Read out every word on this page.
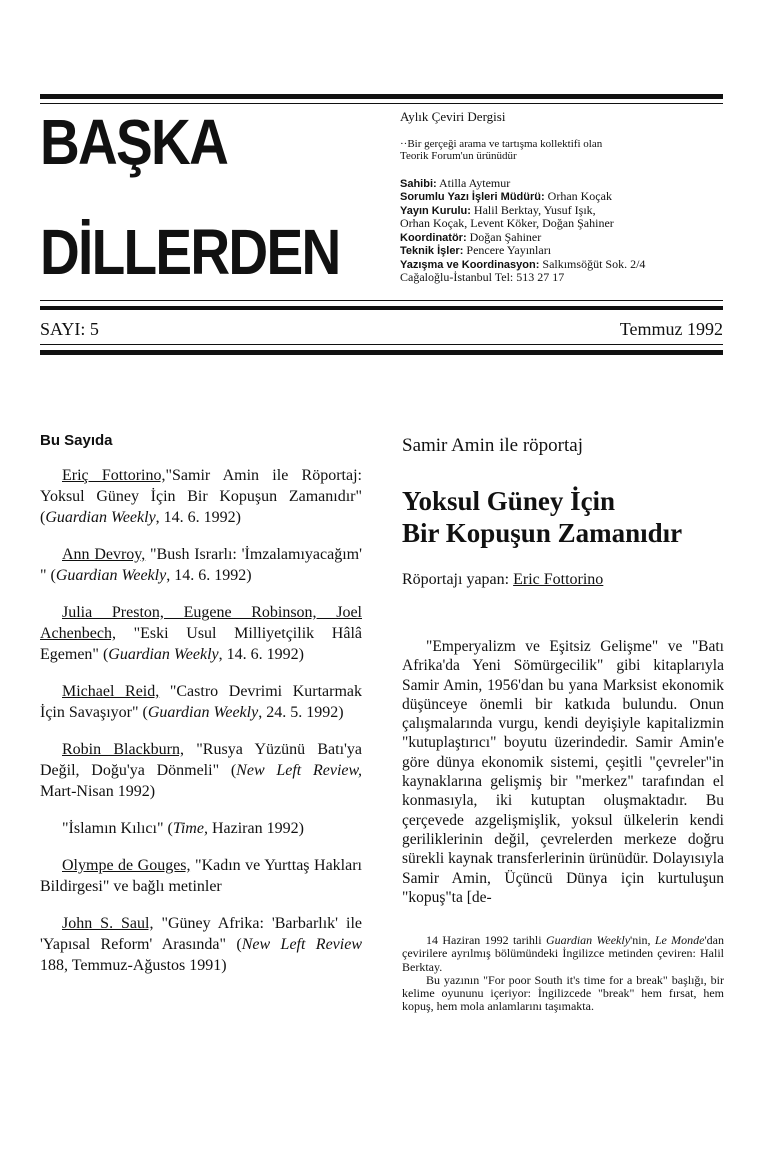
BAŞKA
DİLLERDEN
Aylık Çeviri Dergisi
··Bir gerçeği arama ve tartışma kollektifi olan
Teorik Forum'un ürünüdür
Sahibi: Atilla Aytemur
Sorumlu Yazı İşleri Müdürü: Orhan Koçak
Yayın Kurulu: Halil Berktay, Yusuf Işık,
Orhan Koçak, Levent Köker, Doğan Şahiner
Koordinatör: Doğan Şahiner
Teknik İşler: Pencere Yayınları
Yazışma ve Koordinasyon: Salkımsöğüt Sok. 2/4
Cağaloğlu-İstanbul Tel: 513 27 17
SAYI: 5	Temmuz 1992
Bu Sayıda

Eriç Fottorino,"Samir Amin ile Röportaj: Yoksul Güney İçin Bir Kopuşun Zamanıdır" (Guardian Weekly, 14. 6. 1992)

Ann Devroy, "Bush Israrlı: 'İmzalamıyacağım' " (Guardian Weekly, 14. 6. 1992)

Julia Preston, Eugene Robinson, Joel Achenbech, "Eski Usul Milliyetçilik Hâlâ Egemen" (Guardian Weekly, 14. 6. 1992)

Michael Reid, "Castro Devrimi Kurtarmak İçin Savaşıyor" (Guardian Weekly, 24. 5. 1992)

Robin Blackburn, "Rusya Yüzünü Batı'ya Değil, Doğu'ya Dönmeli" (New Left Review, Mart-Nisan 1992)

"İslamın Kılıcı" (Time, Haziran 1992)

Olympe de Gouges, "Kadın ve Yurttaş Hakları Bildirgesi" ve bağlı metinler

John S. Saul, "Güney Afrika: 'Barbarlık' ile 'Yapısal Reform' Arasında" (New Left Review 188, Temmuz-Ağustos 1991)

Samir Amin ile röportaj

Yoksul Güney İçin
Bir Kopuşun Zamanıdır

Röportajı yapan: Eric Fottorino

"Emperyalizm ve Eşitsiz Gelişme" ve "Batı Afrika'da Yeni Sömürgecilik" gibi kitaplarıyla Samir Amin, 1956'dan bu yana Marksist ekonomik düşünceye önemli bir katkıda bulundu. Onun çalışmalarında vurgu, kendi deyişiyle kapitalizmin "kutuplaştırıcı" boyutu üzerindedir. Samir Amin'e göre dünya ekonomik sistemi, çeşitli "çevreler"in kaynaklarına gelişmiş bir "merkez" tarafından el konmasıyla, iki kutuptan oluşmaktadır. Bu çerçevede azgelişmişlik, yoksul ülkelerin kendi geriliklerinin değil, çevrelerden merkeze doğru sürekli kaynak transferlerinin ürünüdür. Dolayısıyla Samir Amin, Üçüncü Dünya için kurtuluşun "kopuş"ta [de-

14 Haziran 1992 tarihli Guardian Weekly'nin, Le Monde'dan çevirilere ayrılmış bölümündeki İngilizce metinden çeviren: Halil Berktay.

Bu yazının "For poor South it's time for a break" başlığı, bir kelime oyununu içeriyor: İngilizcede "break" hem fırsat, hem kopuş, hem mola anlamlarını taşımakta.
